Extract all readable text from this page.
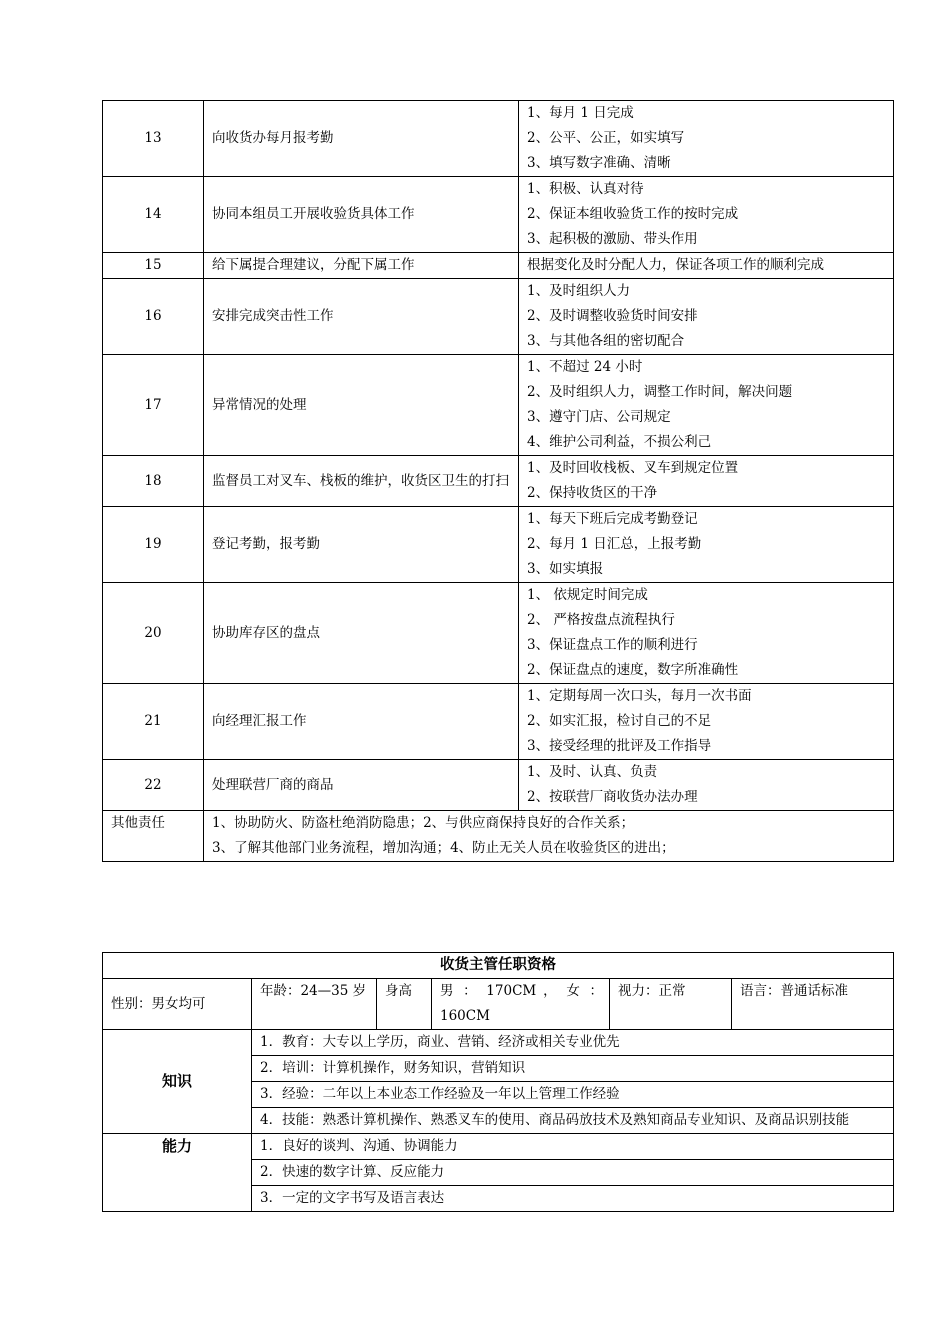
13	向收货办每月报考勤	1、每月 1 日完成
2、公平、公正，如实填写
3、填写数字准确、清晰

14	协同本组员工开展收验货具体工作	1、积极、认真对待
2、保证本组收验货工作的按时完成
3、起积极的激励、带头作用

15	给下属提合理建议，分配下属工作	根据变化及时分配人力，保证各项工作的顺利完成

16	安排完成突击性工作	1、及时组织人力
2、及时调整收验货时间安排
3、与其他各组的密切配合

17	异常情况的处理	1、不超过 24 小时
2、及时组织人力，调整工作时间，解决问题
3、遵守门店、公司规定
4、维护公司利益，不损公利己

18	监督员工对叉车、栈板的维护，收货区卫生的打扫	1、及时回收栈板、叉车到规定位置
2、保持收货区的干净

19	登记考勤，报考勤	1、每天下班后完成考勤登记
2、每月 1 日汇总，上报考勤
3、如实填报

20	协助库存区的盘点	1、 依规定时间完成
2、 严格按盘点流程执行
3、保证盘点工作的顺利进行
2、保证盘点的速度，数字所准确性

21	向经理汇报工作	1、定期每周一次口头，每月一次书面
2、如实汇报，检讨自己的不足
3、接受经理的批评及工作指导

22	处理联营厂商的商品	1、及时、认真、负责
2、按联营厂商收货办法办理

其他责任	1、协助防火、防盗杜绝消防隐患；2、与供应商保持良好的合作关系；
3、了解其他部门业务流程，增加沟通；4、防止无关人员在收验货区的进出；	
收货主管任职资格					
性别：男女均可	年龄：24—35 岁	身高	男 ： 170CM ， 女 ： 160CM	视力：正常	语言：普通话标准
知识	1．教育：大专以上学历，商业、营销、经济或相关专业优先				
	2．培训：计算机操作，财务知识，营销知识				
	3．经验：二年以上本业态工作经验及一年以上管理工作经验				
	4．技能：熟悉计算机操作、熟悉叉车的使用、商品码放技术及熟知商品专业知识、及商品识别技能				
能力	1．良好的谈判、沟通、协调能力				
	2．快速的数字计算、反应能力				
	3．一定的文字书写及语言表达				
